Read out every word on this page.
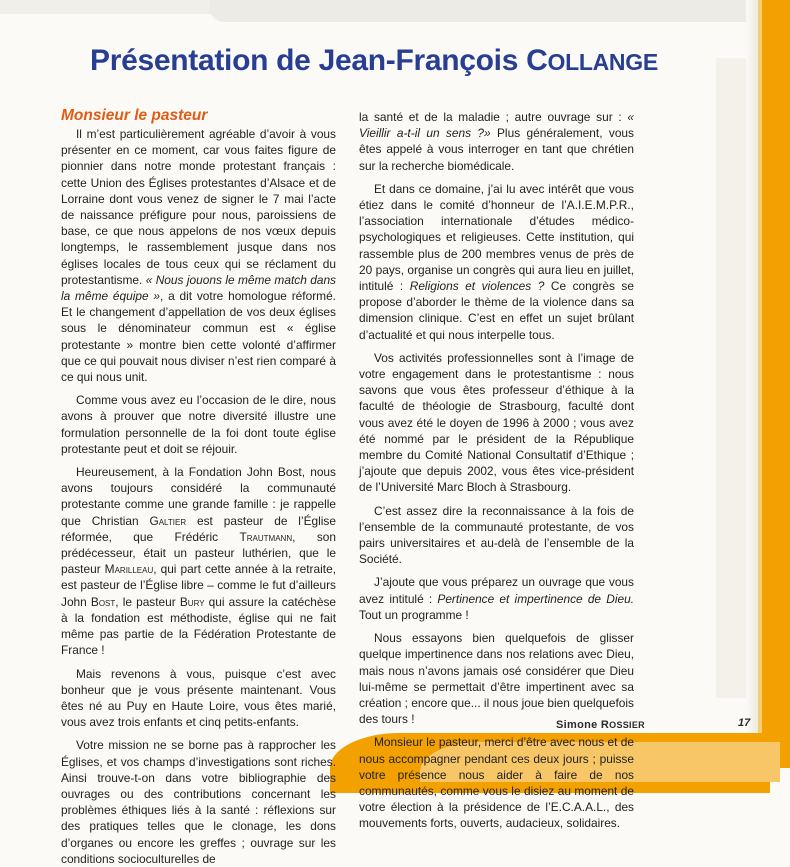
Présentation de Jean-François COLLANGE
Monsieur le pasteur

Il m’est particulièrement agréable d’avoir à vous présenter en ce moment, car vous faites figure de pionnier dans notre monde protestant français : cette Union des Églises protestantes d’Alsace et de Lorraine dont vous venez de signer le 7 mai l’acte de naissance préfigure pour nous, paroissiens de base, ce que nous appelons de nos vœux depuis longtemps, le rassemblement jusque dans nos églises locales de tous ceux qui se réclament du protestantisme. « Nous jouons le même match dans la même équipe », a dit votre homologue réformé. Et le changement d’appellation de vos deux églises sous le dénominateur commun est « église protestante » montre bien cette volonté d’affirmer que ce qui pouvait nous diviser n’est rien comparé à ce qui nous unit.

Comme vous avez eu l’occasion de le dire, nous avons à prouver que notre diversité illustre une formulation personnelle de la foi dont toute église protestante peut et doit se réjouir.

Heureusement, à la Fondation John Bost, nous avons toujours considéré la communauté protestante comme une grande famille : je rappelle que Christian Galtier est pasteur de l’Église réformée, que Frédéric Trautmann, son prédécesseur, était un pasteur luthérien, que le pasteur Marilleau, qui part cette année à la retraite, est pasteur de l’Église libre – comme le fut d’ailleurs John Bost, le pasteur Bury qui assure la catéchèse à la fondation est méthodiste, église qui ne fait même pas partie de la Fédération Protestante de France !

Mais revenons à vous, puisque c’est avec bonheur que je vous présente maintenant. Vous êtes né au Puy en Haute Loire, vous êtes marié, vous avez trois enfants et cinq petits-enfants.

Votre mission ne se borne pas à rapprocher les Églises, et vos champs d’investigations sont riches. Ainsi trouve-t-on dans votre bibliographie des ouvrages ou des contributions concernant les problèmes éthiques liés à la santé : réflexions sur des pratiques telles que le clonage, les dons d’organes ou encore les greffes ; ouvrage sur les conditions socioculturelles de

la santé et de la maladie ; autre ouvrage sur : « Vieillir a-t-il un sens ?» Plus généralement, vous êtes appelé à vous interroger en tant que chrétien sur la recherche biomédicale.

Et dans ce domaine, j’ai lu avec intérêt que vous étiez dans le comité d’honneur de l’A.I.E.M.P.R., l’association internationale d’études médico-psychologiques et religieuses. Cette institution, qui rassemble plus de 200 membres venus de près de 20 pays, organise un congrès qui aura lieu en juillet, intitulé : Religions et violences ? Ce congrès se propose d’aborder le thème de la violence dans sa dimension clinique. C’est en effet un sujet brûlant d’actualité et qui nous interpelle tous.

Vos activités professionnelles sont à l’image de votre engagement dans le protestantisme : nous savons que vous êtes professeur d’éthique à la faculté de théologie de Strasbourg, faculté dont vous avez été le doyen de 1996 à 2000 ; vous avez été nommé par le président de la République membre du Comité National Consultatif d’Ethique ; j’ajoute que depuis 2002, vous êtes vice-président de l’Université Marc Bloch à Strasbourg.

C’est assez dire la reconnaissance à la fois de l’ensemble de la communauté protestante, de vos pairs universitaires et au-delà de l’ensemble de la Société.

J’ajoute que vous préparez un ouvrage que vous avez intitulé : Pertinence et impertinence de Dieu. Tout un programme !

Nous essayons bien quelquefois de glisser quelque impertinence dans nos relations avec Dieu, mais nous n’avons jamais osé considérer que Dieu lui-même se permettait d’être impertinent avec sa création ; encore que... il nous joue bien quelquefois des tours !

Monsieur le pasteur, merci d’être avec nous et de nous accompagner pendant ces deux jours ; puisse votre présence nous aider à faire de nos communautés, comme vous le disiez au moment de votre élection à la présidence de l’E.C.A.A.L., des mouvements forts, ouverts, audacieux, solidaires.

Simone ROSSIER	17
